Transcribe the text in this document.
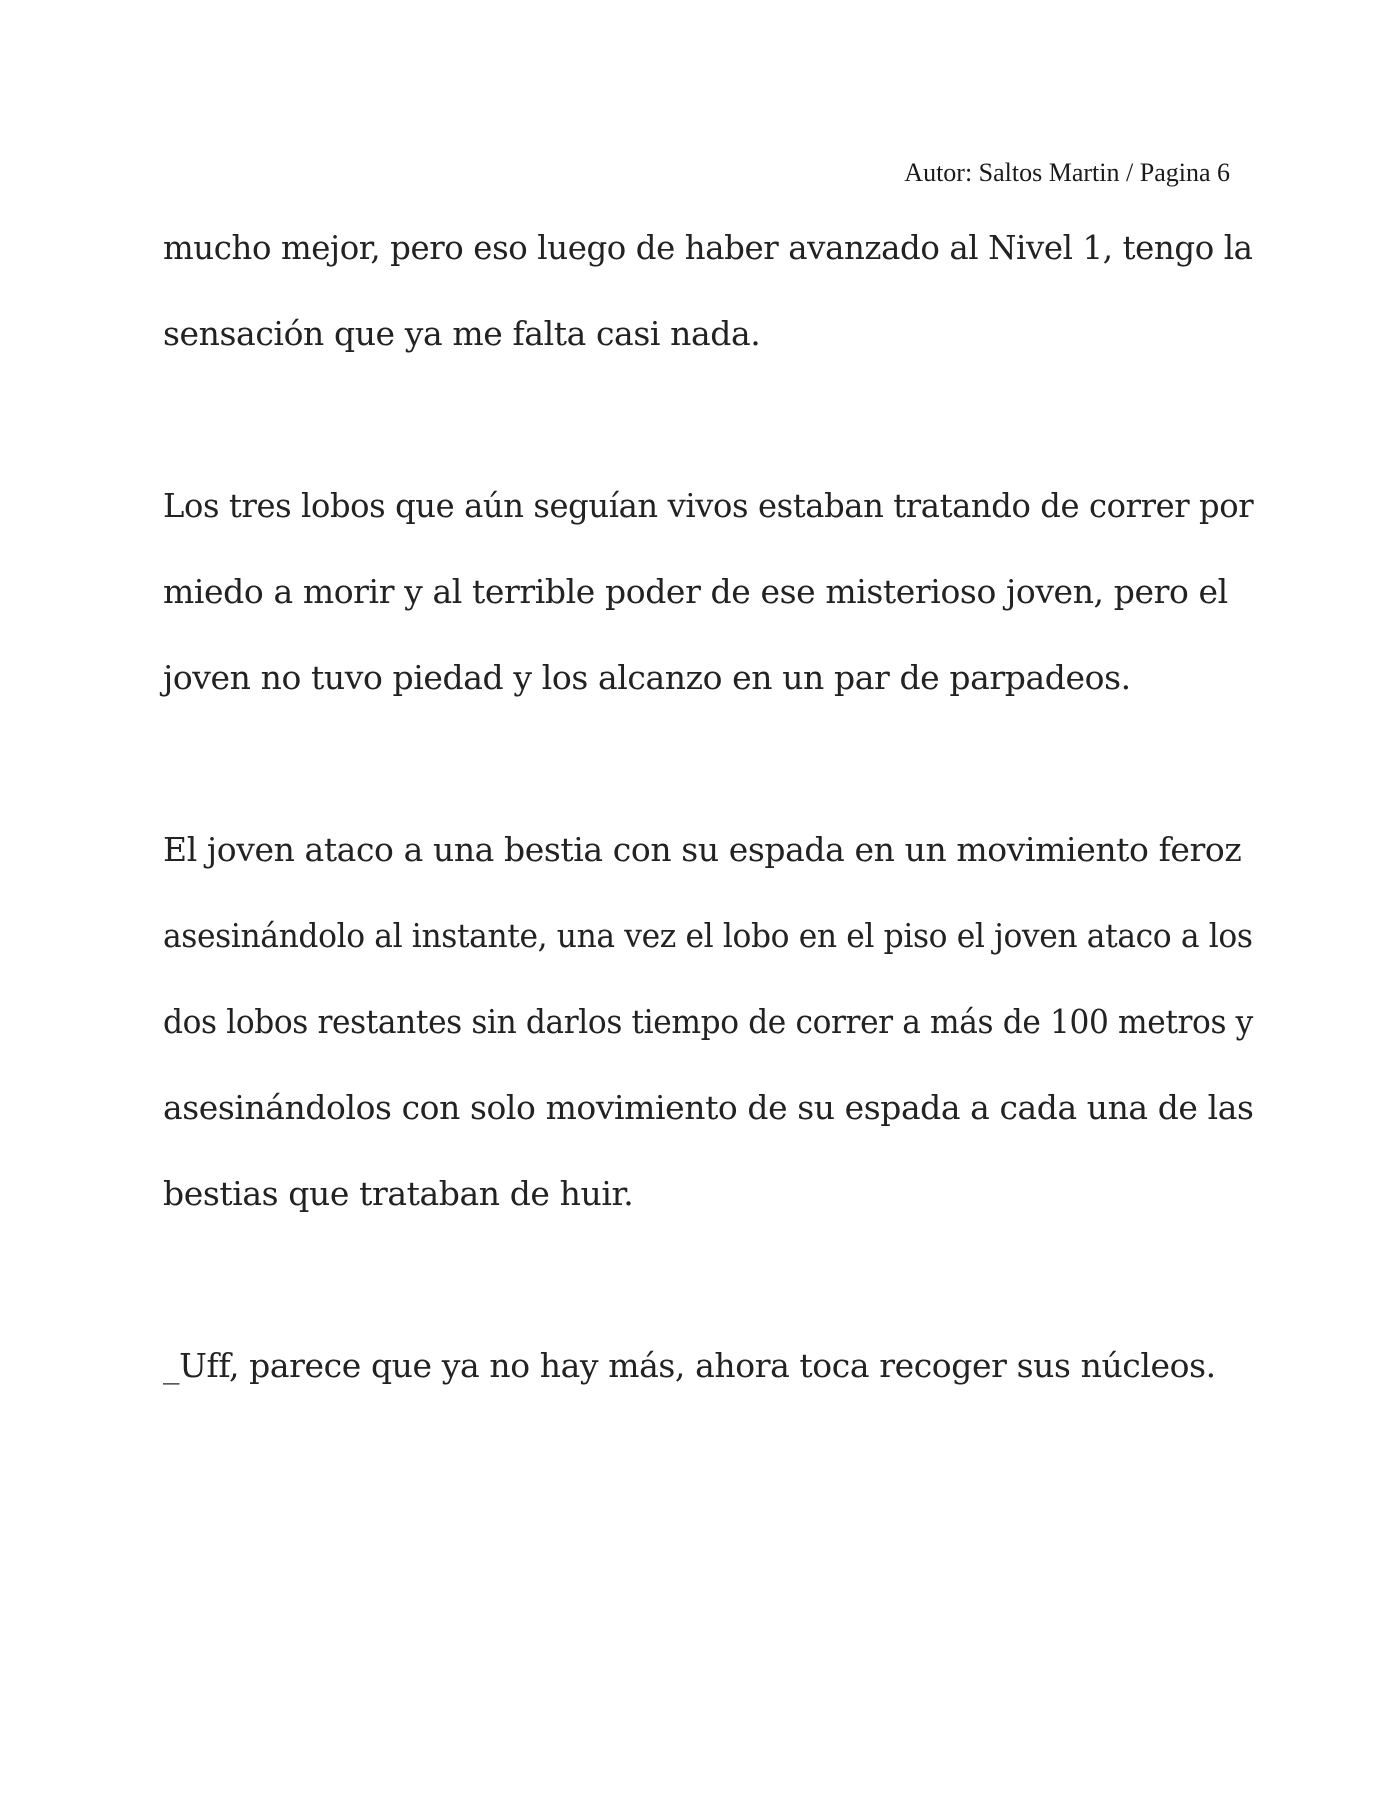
Autor: Saltos Martin / Pagina 6
mucho mejor, pero eso luego de haber avanzado al Nivel 1, tengo la
sensación que ya me falta casi nada.
Los tres lobos que aún seguían vivos estaban tratando de correr por
miedo a morir y al terrible poder de ese misterioso joven, pero el
joven no tuvo piedad y los alcanzo en un par de parpadeos.
El joven ataco a una bestia con su espada en un movimiento feroz
asesinándolo al instante, una vez el lobo en el piso el joven ataco a los
dos lobos restantes sin darlos tiempo de correr a más de 100 metros y
asesinándolos con solo movimiento de su espada a cada una de las
bestias que trataban de huir.
_Uff, parece que ya no hay más, ahora toca recoger sus núcleos.
